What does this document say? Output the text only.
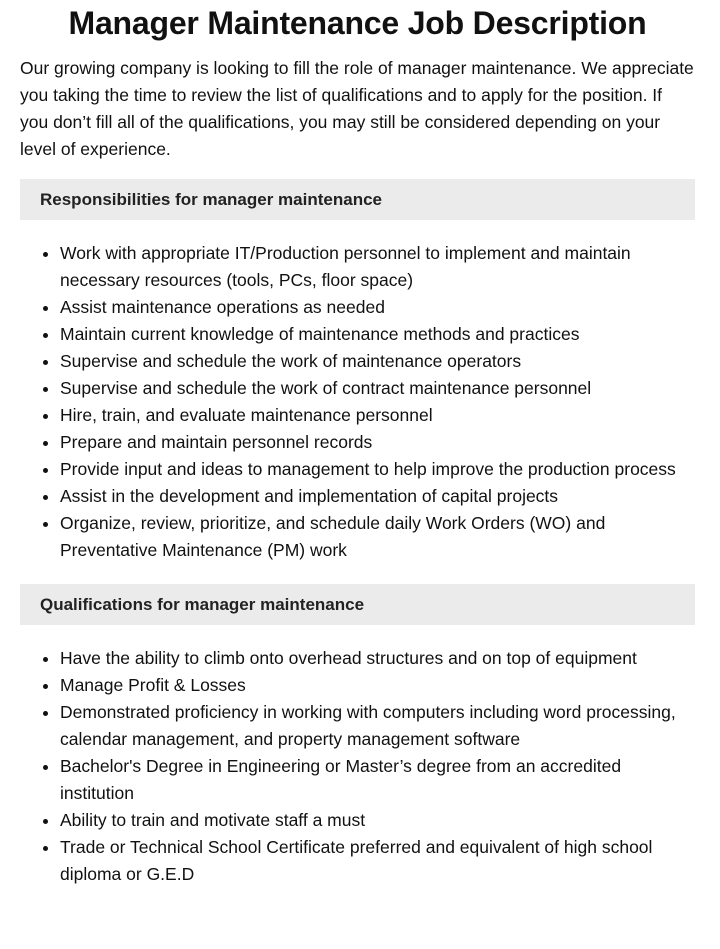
Manager Maintenance Job Description

Our growing company is looking to fill the role of manager maintenance. We appreciate you taking the time to review the list of qualifications and to apply for the position. If you don’t fill all of the qualifications, you may still be considered depending on your level of experience.

Responsibilities for manager maintenance
• Work with appropriate IT/Production personnel to implement and maintain necessary resources (tools, PCs, floor space)
• Assist maintenance operations as needed
• Maintain current knowledge of maintenance methods and practices
• Supervise and schedule the work of maintenance operators
• Supervise and schedule the work of contract maintenance personnel
• Hire, train, and evaluate maintenance personnel
• Prepare and maintain personnel records
• Provide input and ideas to management to help improve the production process
• Assist in the development and implementation of capital projects
• Organize, review, prioritize, and schedule daily Work Orders (WO) and Preventative Maintenance (PM) work
Qualifications for manager maintenance
• Have the ability to climb onto overhead structures and on top of equipment
• Manage Profit & Losses
• Demonstrated proficiency in working with computers including word processing, calendar management, and property management software
• Bachelor's Degree in Engineering or Master’s degree from an accredited institution
• Ability to train and motivate staff a must
• Trade or Technical School Certificate preferred and equivalent of high school diploma or G.E.D
